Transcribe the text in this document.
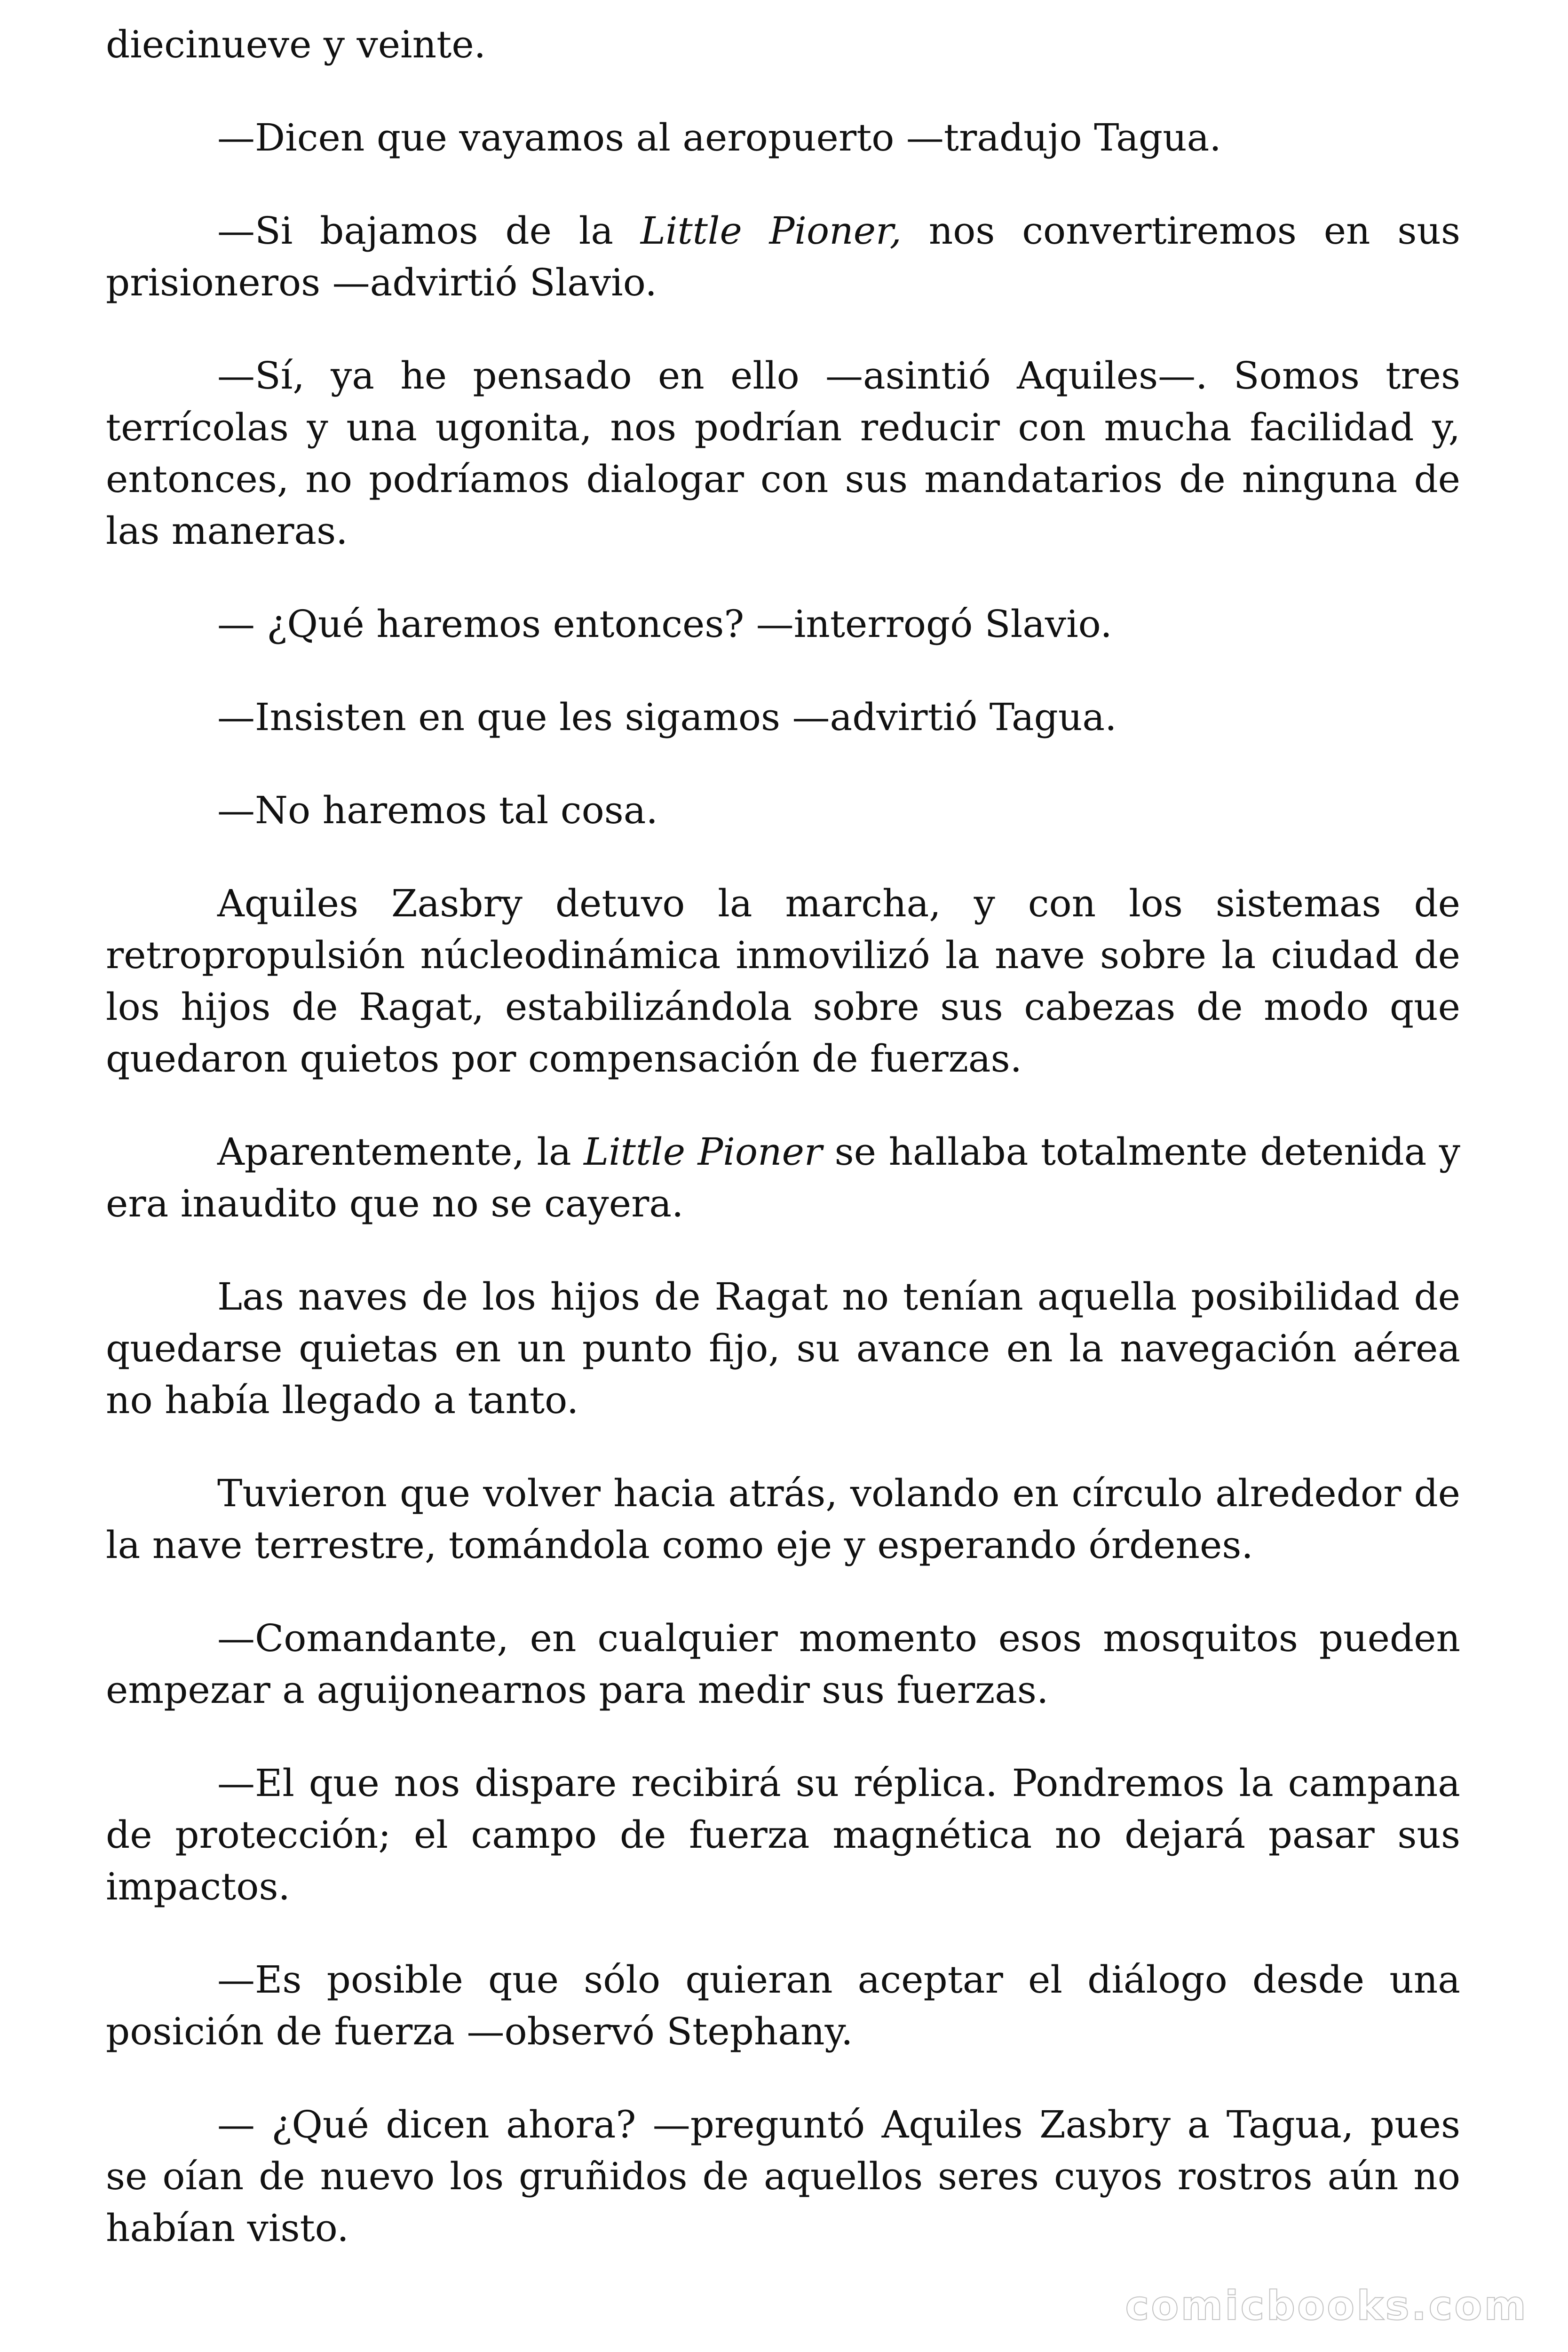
diecinueve y veinte.

—Dicen que vayamos al aeropuerto —tradujo Tagua.

—Si bajamos de la Little Pioner, nos convertiremos en sus prisioneros —advirtió Slavio.

—Sí, ya he pensado en ello —asintió Aquiles—. Somos tres terrícolas y una ugonita, nos podrían reducir con mucha facilidad y, entonces, no podríamos dialogar con sus mandatarios de ninguna de las maneras.

— ¿Qué haremos entonces? —interrogó Slavio.

—Insisten en que les sigamos —advirtió Tagua.

—No haremos tal cosa.

Aquiles Zasbry detuvo la marcha, y con los sistemas de retropropulsión núcleodinámica inmovilizó la nave sobre la ciudad de los hijos de Ragat, estabilizándola sobre sus cabezas de modo que quedaron quietos por compensación de fuerzas.

Aparentemente, la Little Pioner se hallaba totalmente detenida y era inaudito que no se cayera.

Las naves de los hijos de Ragat no tenían aquella posibilidad de quedarse quietas en un punto fijo, su avance en la navegación aérea no había llegado a tanto.

Tuvieron que volver hacia atrás, volando en círculo alrededor de la nave terrestre, tomándola como eje y esperando órdenes.

—Comandante, en cualquier momento esos mosquitos pueden empezar a aguijonearnos para medir sus fuerzas.

—El que nos dispare recibirá su réplica. Pondremos la campana de protección; el campo de fuerza magnética no dejará pasar sus impactos.

—Es posible que sólo quieran aceptar el diálogo desde una posición de fuerza —observó Stephany.

— ¿Qué dicen ahora? —preguntó Aquiles Zasbry a Tagua, pues se oían de nuevo los gruñidos de aquellos seres cuyos rostros aún no habían visto.

comicbooks.com
